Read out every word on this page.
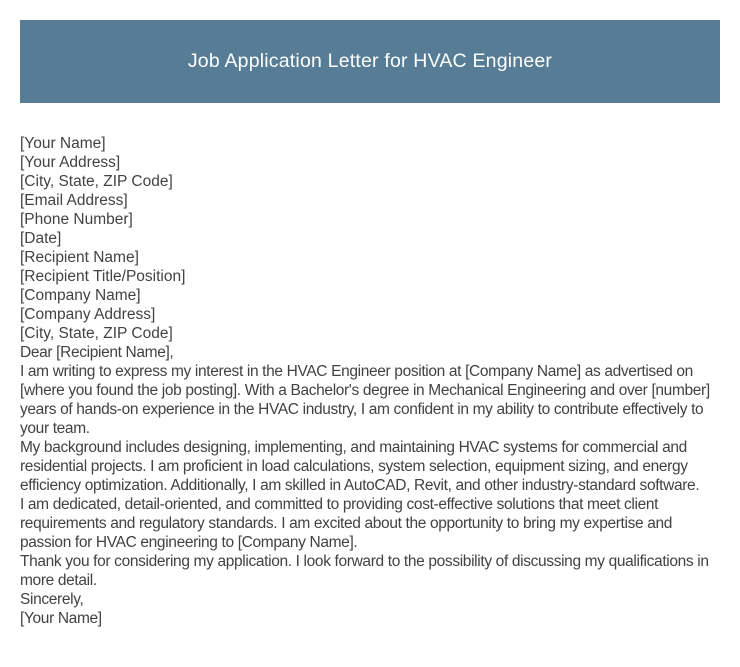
Job Application Letter for HVAC Engineer

[Your Name]

[Your Address]

[City, State, ZIP Code]

[Email Address]

[Phone Number]

[Date]

[Recipient Name]

[Recipient Title/Position]

[Company Name]

[Company Address]

[City, State, ZIP Code]

Dear [Recipient Name],

I am writing to express my interest in the HVAC Engineer position at [Company Name] as advertised on [where you found the job posting]. With a Bachelor's degree in Mechanical Engineering and over [number] years of hands-on experience in the HVAC industry, I am confident in my ability to contribute effectively to your team.

My background includes designing, implementing, and maintaining HVAC systems for commercial and residential projects. I am proficient in load calculations, system selection, equipment sizing, and energy efficiency optimization. Additionally, I am skilled in AutoCAD, Revit, and other industry-standard software.

I am dedicated, detail-oriented, and committed to providing cost-effective solutions that meet client requirements and regulatory standards. I am excited about the opportunity to bring my expertise and passion for HVAC engineering to [Company Name].

Thank you for considering my application. I look forward to the possibility of discussing my qualifications in more detail.

Sincerely,

[Your Name]
